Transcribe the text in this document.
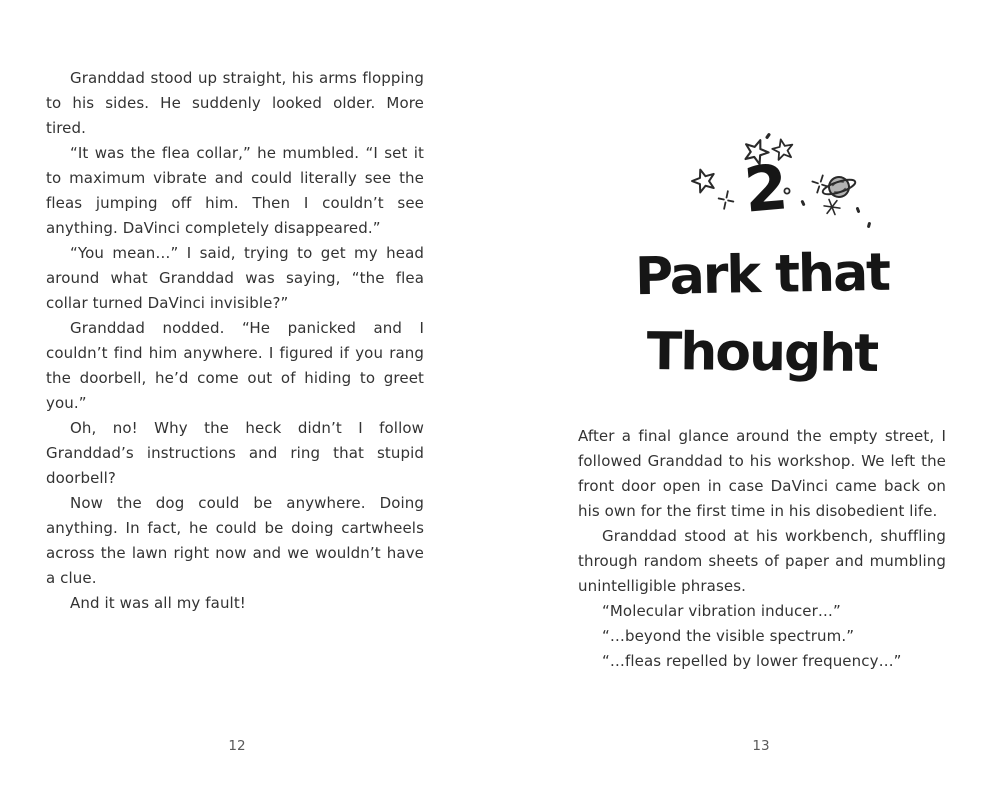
Granddad stood up straight, his arms flopping to his sides. He suddenly looked older. More tired.

“It was the flea collar,” he mumbled. “I set it to maximum vibrate and could literally see the fleas jumping off him. Then I couldn’t see anything. DaVinci completely disappeared.”

“You mean…” I said, trying to get my head around what Granddad was saying, “the flea collar turned DaVinci invisible?”

Granddad nodded. “He panicked and I couldn’t find him anywhere. I figured if you rang the doorbell, he’d come out of hiding to greet you.”

Oh, no! Why the heck didn’t I follow Granddad’s instructions and ring that stupid doorbell?

Now the dog could be anywhere. Doing anything. In fact, he could be doing cartwheels across the lawn right now and we wouldn’t have a clue.

And it was all my fault!

12
2
Park that
Thought

After a final glance around the empty street, I followed Granddad to his workshop. We left the front door open in case DaVinci came back on his own for the first time in his disobedient life.

Granddad stood at his workbench, shuffling through random sheets of paper and mumbling unintelligible phrases.

“Molecular vibration inducer…”

“…beyond the visible spectrum.”

“…fleas repelled by lower frequency…”

13
